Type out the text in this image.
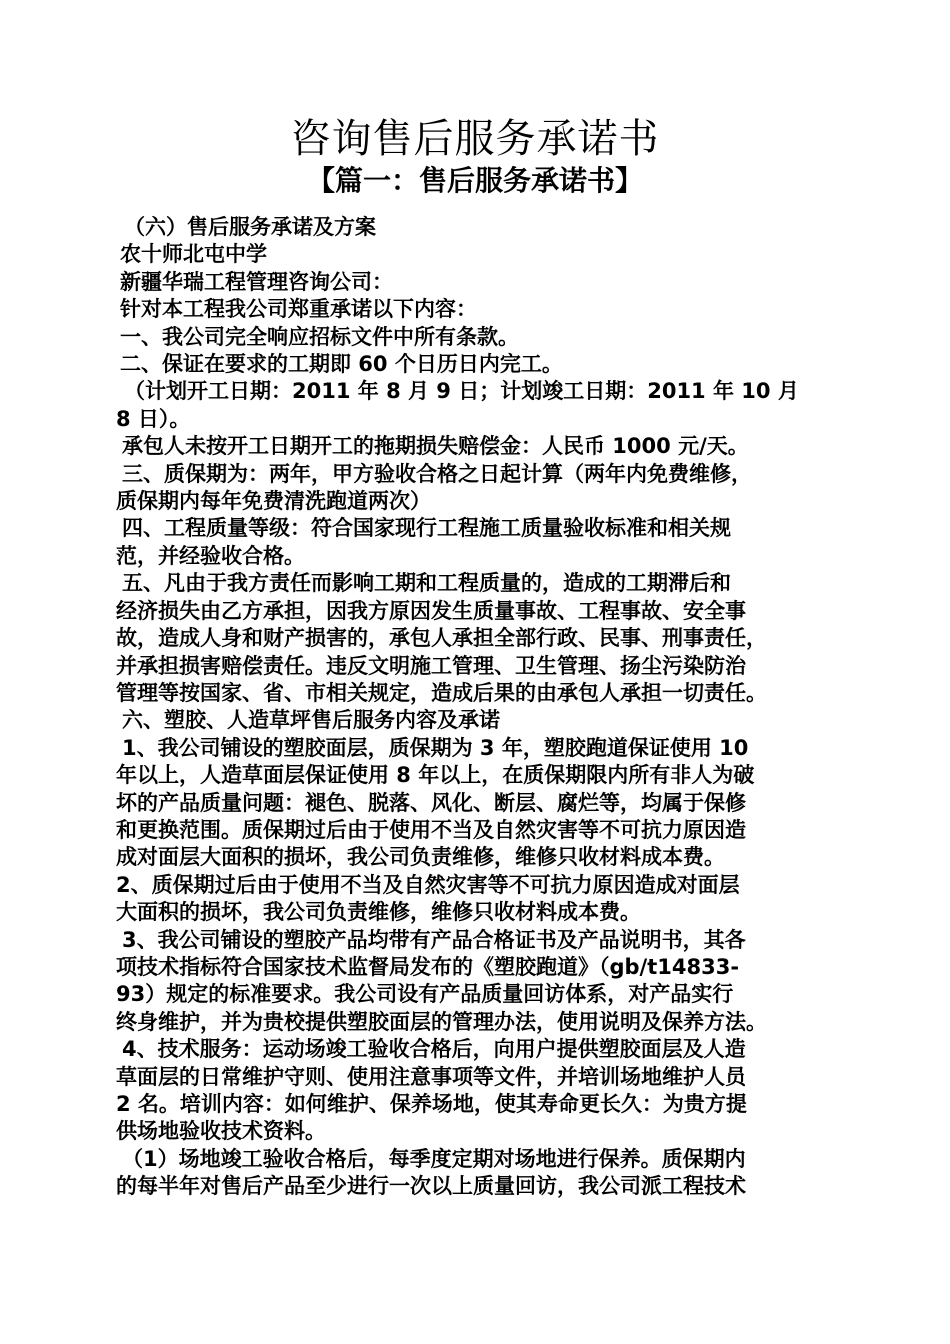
咨询售后服务承诺书
【篇一：售后服务承诺书】

（六）售后服务承诺及方案

农十师北屯中学

新疆华瑞工程管理咨询公司：

针对本工程我公司郑重承诺以下内容：

一、我公司完全响应招标文件中所有条款。

二、保证在要求的工期即 60 个日历日内完工。

（计划开工日期：2011 年 8 月 9 日；计划竣工日期：2011 年 10 月

8 日）。

承包人未按开工日期开工的拖期损失赔偿金：人民币 1000 元/天。

三、质保期为：两年，甲方验收合格之日起计算（两年内免费维修，

质保期内每年免费清洗跑道两次）

四、工程质量等级：符合国家现行工程施工质量验收标准和相关规

范，并经验收合格。

五、凡由于我方责任而影响工期和工程质量的，造成的工期滞后和

经济损失由乙方承担，因我方原因发生质量事故、工程事故、安全事

故，造成人身和财产损害的，承包人承担全部行政、民事、刑事责任，

并承担损害赔偿责任。违反文明施工管理、卫生管理、扬尘污染防治

管理等按国家、省、市相关规定，造成后果的由承包人承担一切责任。

六、塑胶、人造草坪售后服务内容及承诺

1、我公司铺设的塑胶面层，质保期为 3 年，塑胶跑道保证使用 10

年以上，人造草面层保证使用 8 年以上，在质保期限内所有非人为破

坏的产品质量问题：褪色、脱落、风化、断层、腐烂等，均属于保修

和更换范围。质保期过后由于使用不当及自然灾害等不可抗力原因造

成对面层大面积的损坏，我公司负责维修，维修只收材料成本费。

2、质保期过后由于使用不当及自然灾害等不可抗力原因造成对面层

大面积的损坏，我公司负责维修，维修只收材料成本费。

3、我公司铺设的塑胶产品均带有产品合格证书及产品说明书，其各

项技术指标符合国家技术监督局发布的《塑胶跑道》（gb/t14833-

93）规定的标准要求。我公司设有产品质量回访体系，对产品实行

终身维护，并为贵校提供塑胶面层的管理办法，使用说明及保养方法。

4、技术服务：运动场竣工验收合格后，向用户提供塑胶面层及人造

草面层的日常维护守则、使用注意事项等文件，并培训场地维护人员

2 名。培训内容：如何维护、保养场地，使其寿命更长久：为贵方提

供场地验收技术资料。

（1）场地竣工验收合格后，每季度定期对场地进行保养。质保期内

的每半年对售后产品至少进行一次以上质量回访，我公司派工程技术
